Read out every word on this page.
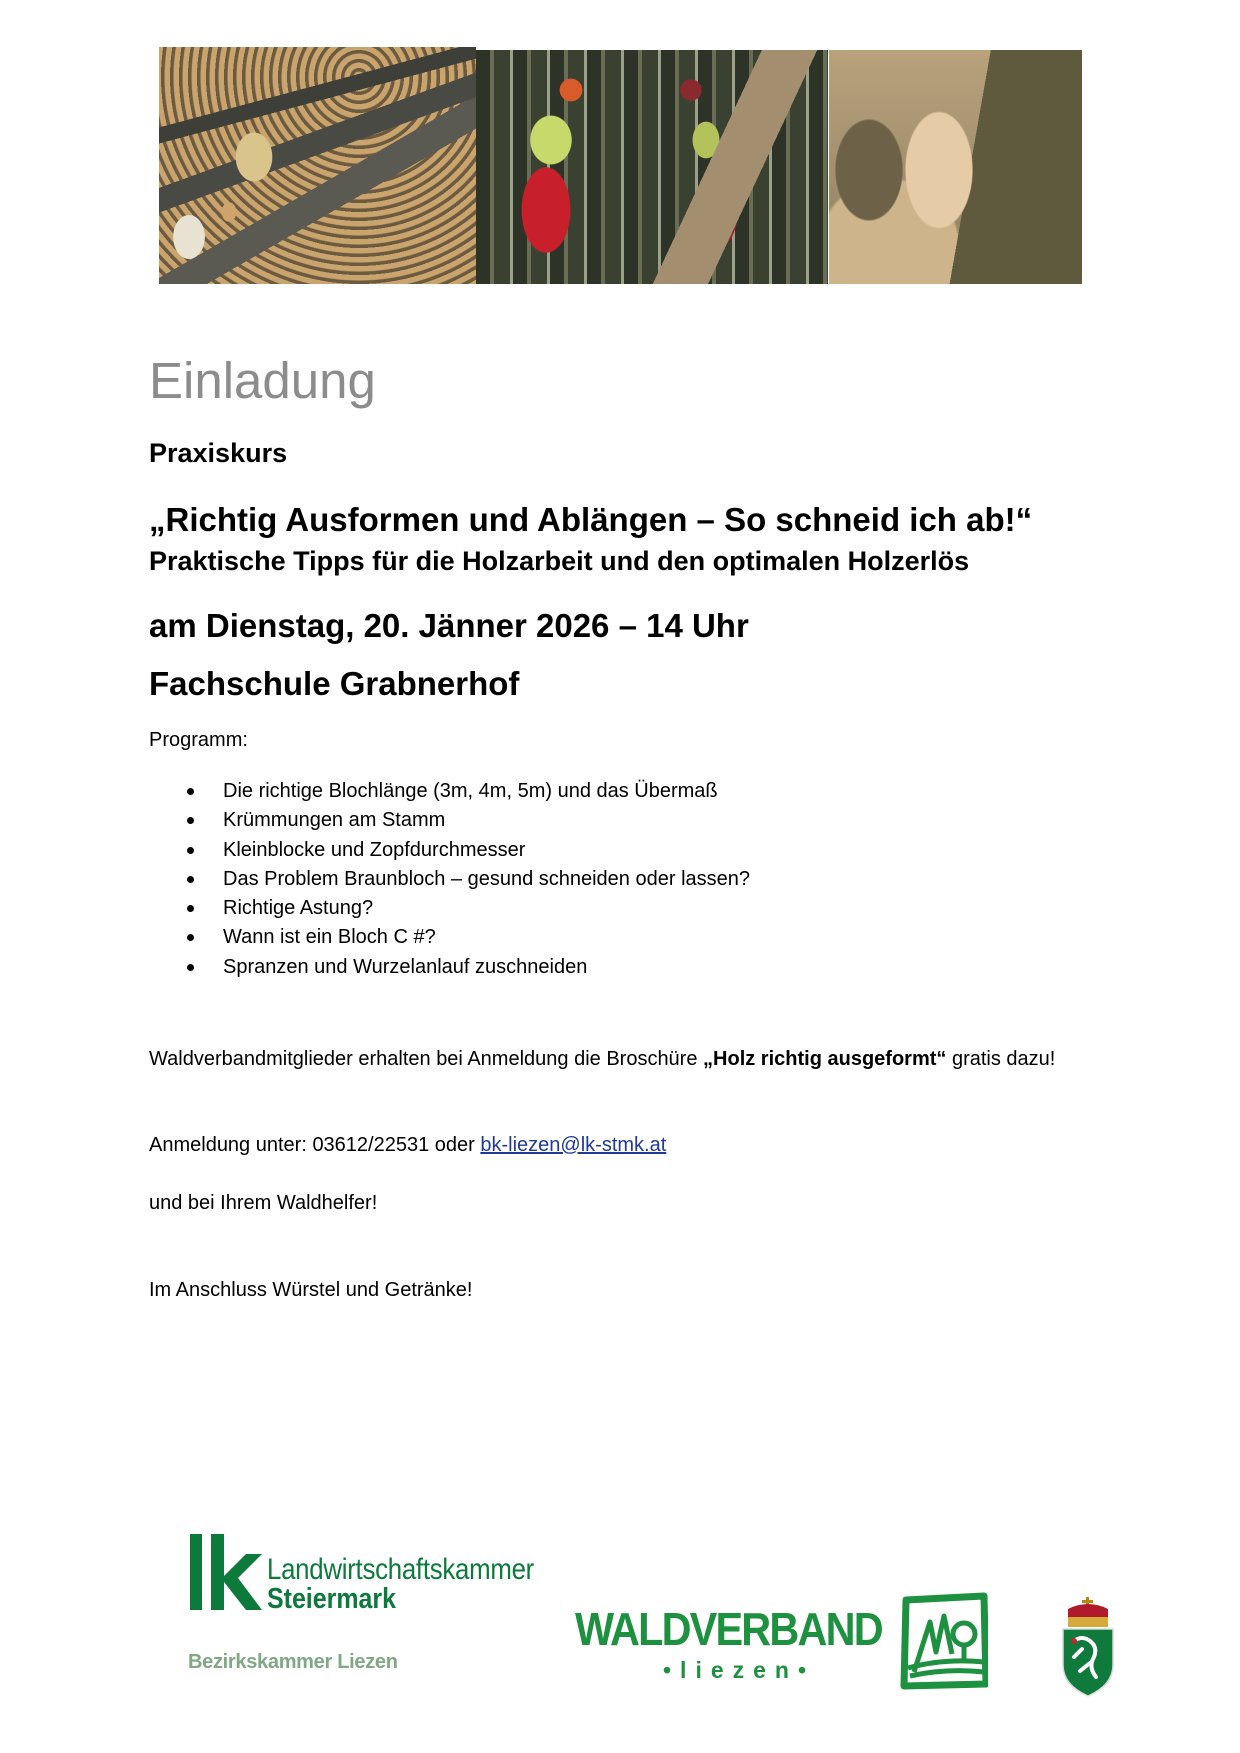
Einladung
Praxiskurs
„Richtig Ausformen und Ablängen – So schneid ich ab!“
Praktische Tipps für die Holzarbeit und den optimalen Holzerlös
am Dienstag, 20. Jänner 2026 – 14 Uhr
Fachschule Grabnerhof
Programm:
Die richtige Blochlänge (3m, 4m, 5m) und das Übermaß
Krümmungen am Stamm
Kleinblocke und Zopfdurchmesser
Das Problem Braunbloch – gesund schneiden oder lassen?
Richtige Astung?
Wann ist ein Bloch C #?
Spranzen und Wurzelanlauf zuschneiden
Waldverbandmitglieder erhalten bei Anmeldung die Broschüre „Holz richtig ausgeformt“ gratis dazu!
Anmeldung unter: 03612/22531 oder bk-liezen@lk-stmk.at
und bei Ihrem Waldhelfer!
Im Anschluss Würstel und Getränke!
Landwirtschaftskammer
Steiermark
Bezirkskammer Liezen
WALDVERBAND
•liezen•
